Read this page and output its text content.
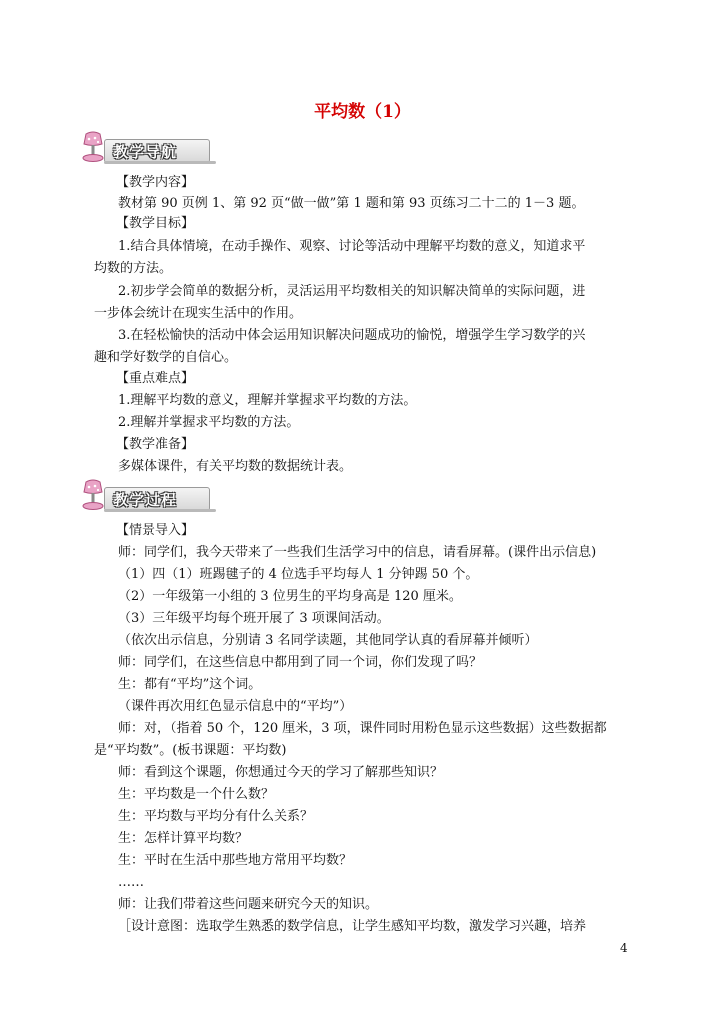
平均数（1）
教学导航
教学过程
【教学内容】
教材第 90 页例 1、第 92 页“做一做”第 1 题和第 93 页练习二十二的 1－3 题。
【教学目标】
1.结合具体情境，在动手操作、观察、讨论等活动中理解平均数的意义，知道求平
均数的方法。
2.初步学会简单的数据分析，灵活运用平均数相关的知识解决简单的实际问题，进
一步体会统计在现实生活中的作用。
3.在轻松愉快的活动中体会运用知识解决问题成功的愉悦，增强学生学习数学的兴
趣和学好数学的自信心。
【重点难点】
1.理解平均数的意义，理解并掌握求平均数的方法。
2.理解并掌握求平均数的方法。
【教学准备】
多媒体课件，有关平均数的数据统计表。
【情景导入】
师：同学们，我今天带来了一些我们生活学习中的信息，请看屏幕。(课件出示信息)
（1）四（1）班踢毽子的 4 位选手平均每人 1 分钟踢 50 个。
（2）一年级第一小组的 3 位男生的平均身高是 120 厘米。
（3）三年级平均每个班开展了 3 项课间活动。
（依次出示信息，分别请 3 名同学读题，其他同学认真的看屏幕并倾听）
师：同学们，在这些信息中都用到了同一个词，你们发现了吗？
生：都有“平均”这个词。
（课件再次用红色显示信息中的“平均”）
师：对，（指着 50 个，120 厘米，3 项，课件同时用粉色显示这些数据）这些数据都
是“平均数”。(板书课题：平均数)
师：看到这个课题，你想通过今天的学习了解那些知识？
生：平均数是一个什么数？
生：平均数与平均分有什么关系？
生：怎样计算平均数？
生：平时在生活中那些地方常用平均数？
……
师：让我们带着这些问题来研究今天的知识。
［设计意图：选取学生熟悉的数学信息，让学生感知平均数，激发学习兴趣，培养
4
